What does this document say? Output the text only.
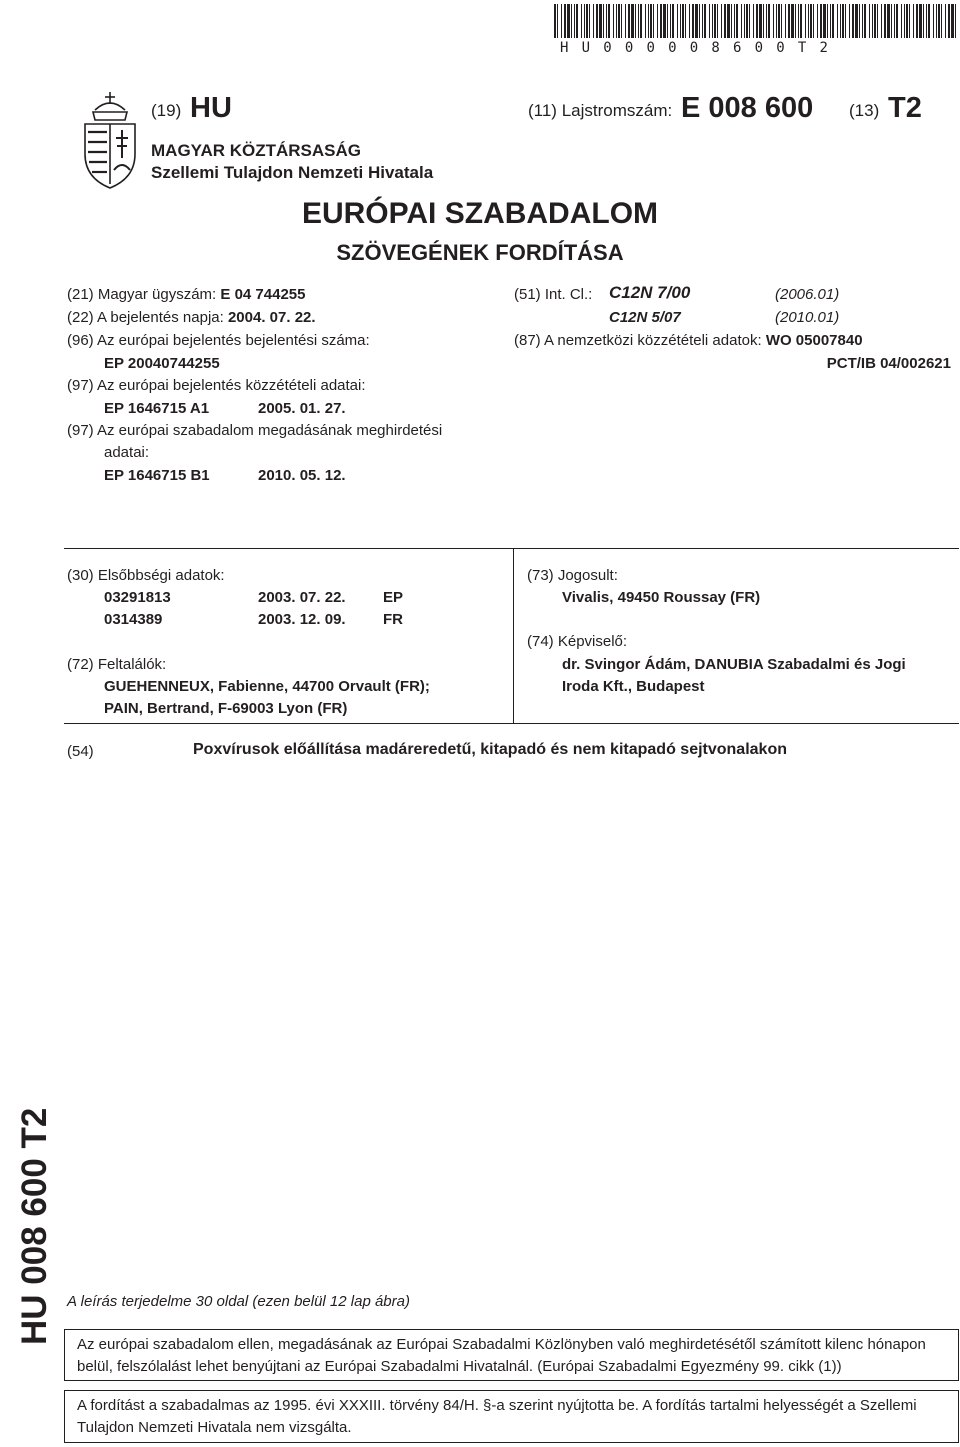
HU000008600T2
(19) HU	(11) Lajstromszám: E 008 600 (13) T2
MAGYAR KÖZTÁRSASÁG
Szellemi Tulajdon Nemzeti Hivatala
EURÓPAI SZABADALOM
SZÖVEGÉNEK FORDÍTÁSA
(21) Magyar ügyszám: E 04 744255
(22) A bejelentés napja: 2004. 07. 22.
(96) Az európai bejelentés bejelentési száma:
EP 20040744255
(97) Az európai bejelentés közzétételi adatai:
EP 1646715 A1	2005. 01. 27.
(97) Az európai szabadalom megadásának meghirdetési
adatai:
EP 1646715 B1	2010. 05. 12.
(51) Int. Cl.: C12N 7/00	(2006.01)
C12N 5/07	(2010.01)
(87) A nemzetközi közzétételi adatok: WO 05007840
PCT/IB 04/002621
(30) Elsőbbségi adatok:
03291813	2003. 07. 22. EP
0314389	2003. 12. 09. FR
(72) Feltalálók:
GUEHENNEUX, Fabienne, 44700 Orvault (FR);
PAIN, Bertrand, F-69003 Lyon (FR)
(73) Jogosult:
Vivalis, 49450 Roussay (FR)
(74) Képviselő:
dr. Svingor Ádám, DANUBIA Szabadalmi és Jogi
Iroda Kft., Budapest
(54)	Poxvírusok előállítása madáreredetű, kitapadó és nem kitapadó sejtvonalakon
HU 008 600 T2 A leírás terjedelme 30 oldal (ezen belül 12 lap ábra)
Az európai szabadalom ellen, megadásának az Európai Szabadalmi Közlönyben való meghirdetésétől számított kilenc hónapon belül, felszólalást lehet benyújtani az Európai Szabadalmi Hivatalnál. (Európai Szabadalmi Egyezmény 99. cikk (1))
A fordítást a szabadalmas az 1995. évi XXXIII. törvény 84/H. §-a szerint nyújtotta be. A fordítás tartalmi helyességét a Szellemi Tulajdon Nemzeti Hivatala nem vizsgálta.
